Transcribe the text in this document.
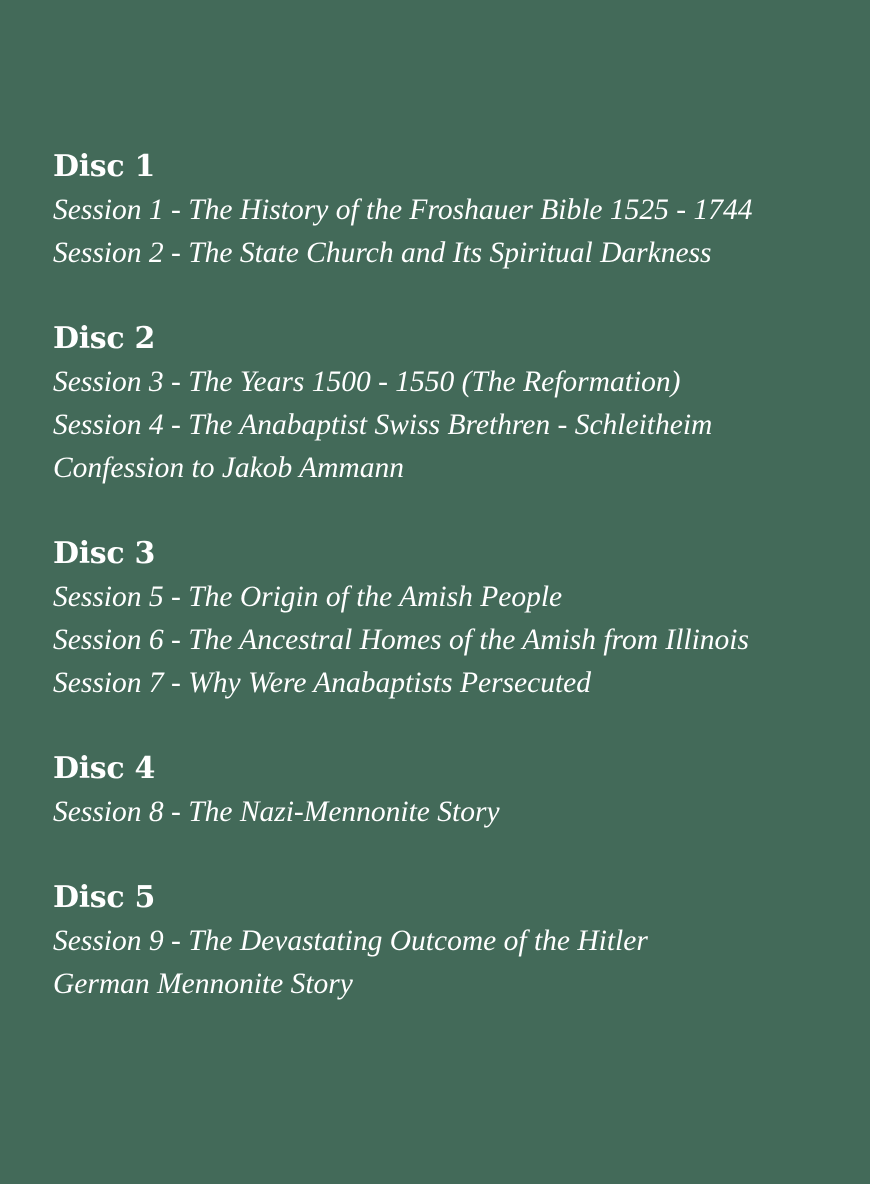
Disc 1

Session 1 - The History of the Froshauer Bible 1525 - 1744

Session 2 - The State Church and Its Spiritual Darkness

Disc 2

Session 3 - The Years 1500 - 1550 (The Reformation)

Session 4 - The Anabaptist Swiss Brethren - Schleitheim

Confession to Jakob Ammann

Disc 3

Session 5 - The Origin of the Amish People

Session 6 - The Ancestral Homes of the Amish from Illinois

Session 7 - Why Were Anabaptists Persecuted

Disc 4

Session 8 - The Nazi-Mennonite Story

Disc 5

Session 9 - The Devastating Outcome of the Hitler

German Mennonite Story
